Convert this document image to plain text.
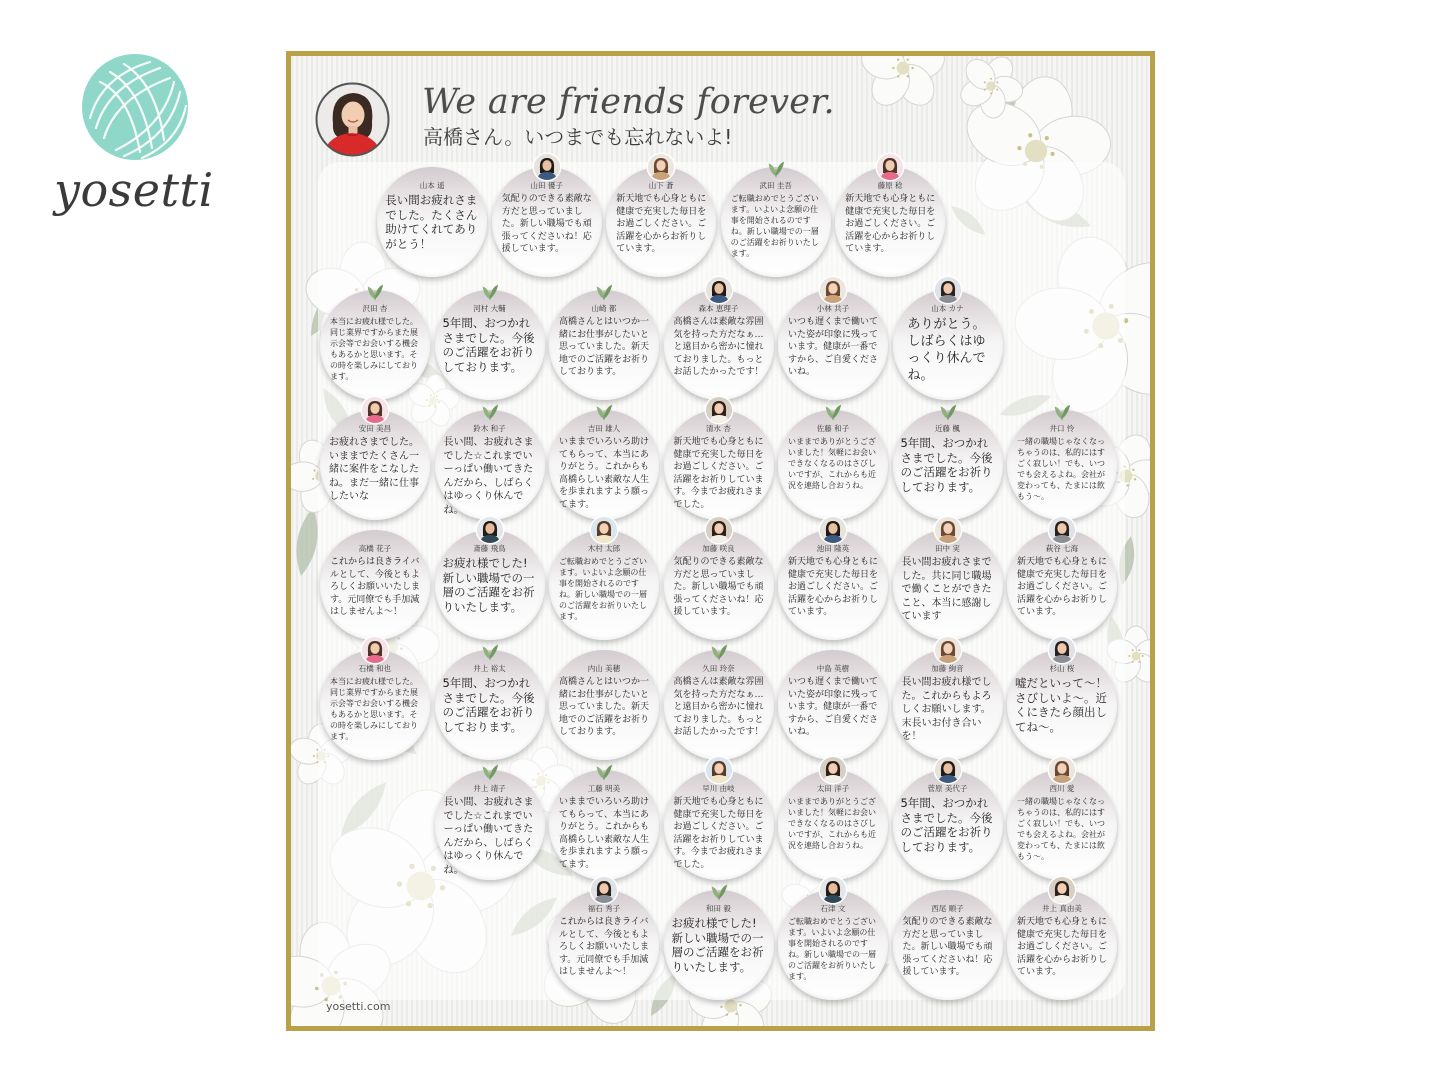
yosetti
We are friends forever.
高橋さん。いつまでも忘れないよ!
山本 遥
長い間お疲れさまでした。たくさん助けてくれてありがとう！
山田 優子
気配りのできる素敵な方だと思っていました。新しい職場でも頑張ってくださいね！応援しています。
山下 蒼
新天地でも心身ともに健康で充実した毎日をお過ごしください。ご活躍を心からお祈りしています。
武田 圭吾
ご転職おめでとうございます。いよいよ念願の仕事を開始されるのですね。新しい職場での一層のご活躍をお祈りいたします。
藤原 稔
新天地でも心身ともに健康で充実した毎日をお過ごしください。ご活躍を心からお祈りしています。
沢田 杏
本当にお疲れ様でした。同じ業界ですからまた展示会等でお会いする機会もあるかと思います。その時を楽しみにしております。
河村 大輔
5年間、おつかれさまでした。今後のご活躍をお祈りしております。
山崎 都
高橋さんとはいつか一緒にお仕事がしたいと思っていました。新天地でのご活躍をお祈りしております。
森本 恵理子
高橋さんは素敵な雰囲気を持った方だなぁ…と遠目から密かに憧れておりました。もっとお話したかったです！
小林 共子
いつも遅くまで働いていた姿が印象に残っています。健康が一番ですから、ご自愛くださいね。
山本 カナ
ありがとう。しばらくはゆっくり休んでね。
安田 美昌
お疲れさまでした。いままでたくさん一緒に案件をこなしたね。まだ一緒に仕事したいな
鈴木 和子
長い間、お疲れさまでした☆これまでいーっぱい働いてきたんだから、しばらくはゆっくり休んでね。
吉田 雄人
いままでいろいろ助けてもらって、本当にありがとう。これからも高橋らしい素敵な人生を歩まれますよう願ってます。
清水 杏
新天地でも心身ともに健康で充実した毎日をお過ごしください。ご活躍をお祈りしています。今までお疲れさまでした。
佐藤 和子
いままでありがとうございました！気軽にお会いできなくなるのはさびしいですが、これからも近況を連絡し合おうね。
近藤 楓
5年間、おつかれさまでした。今後のご活躍をお祈りしております。
井口 怜
一緒の職場じゃなくなっちゃうのは、私的にはすごく寂しい！でも、いつでも会えるよね。会社が変わっても、たまには飲もう～。
高橋 花子
これからは良きライバルとして、今後ともよろしくお願いいたします。元同僚でも手加減はしませんよ～！
斎藤 飛鳥
お疲れ様でした!新しい職場での一層のご活躍をお祈りいたします。
木村 太郎
ご転職おめでとうございます。いよいよ念願の仕事を開始されるのですね。新しい職場での一層のご活躍をお祈りいたします。
加藤 咲良
気配りのできる素敵な方だと思っていました。新しい職場でも頑張ってくださいね！応援しています。
池田 隆英
新天地でも心身ともに健康で充実した毎日をお過ごしください。ご活躍を心からお祈りしています。
田中 実
長い間お疲れさまでした。共に同じ職場で働くことができたこと、本当に感謝しています
萩谷 七海
新天地でも心身ともに健康で充実した毎日をお過ごしください。ご活躍を心からお祈りしています。
石橋 和也
本当にお疲れ様でした。同じ業界ですからまた展示会等でお会いする機会もあるかと思います。その時を楽しみにしております。
井上 裕太
5年間、おつかれさまでした。今後のご活躍をお祈りしております。
内山 美穂
高橋さんとはいつか一緒にお仕事がしたいと思っていました。新天地でのご活躍をお祈りしております。
久田 玲奈
高橋さんは素敵な雰囲気を持った方だなぁ…と遠目から密かに憧れておりました。もっとお話したかったです！
中島 英樹
いつも遅くまで働いていた姿が印象に残っています。健康が一番ですから、ご自愛くださいね。
加藤 絢音
長い間お疲れ様でした。これからもよろしくお願いします。末長いお付き合いを！
杉山 桜
嘘だといって～！さびしいよ～。近くにきたら顔出してね～。
井上 靖子
長い間、お疲れさまでした☆これまでいーっぱい働いてきたんだから、しばらくはゆっくり休んでね。
工藤 明美
いままでいろいろ助けてもらって、本当にありがとう。これからも高橋らしい素敵な人生を歩まれますよう願ってます。
早川 由岐
新天地でも心身ともに健康で充実した毎日をお過ごしください。ご活躍をお祈りしています。今までお疲れさまでした。
太田 洋子
いままでありがとうございました！気軽にお会いできなくなるのはさびしいですが、これからも近況を連絡し合おうね。
菅原 美代子
5年間、おつかれさまでした。今後のご活躍をお祈りしております。
西川 愛
一緒の職場じゃなくなっちゃうのは、私的にはすごく寂しい！でも、いつでも会えるよね。会社が変わっても、たまには飲もう～。
福石 秀子
これからは良きライバルとして、今後ともよろしくお願いいたします。元同僚でも手加減はしませんよ～！
和田 毅
お疲れ様でした!新しい職場での一層のご活躍をお祈りいたします。
石津 文
ご転職おめでとうございます。いよいよ念願の仕事を開始されるのですね。新しい職場での一層のご活躍をお祈りいたします。
西尾 順子
気配りのできる素敵な方だと思っていました。新しい職場でも頑張ってくださいね！応援しています。
井上 真由美
新天地でも心身ともに健康で充実した毎日をお過ごしください。ご活躍を心からお祈りしています。
yosetti.com
